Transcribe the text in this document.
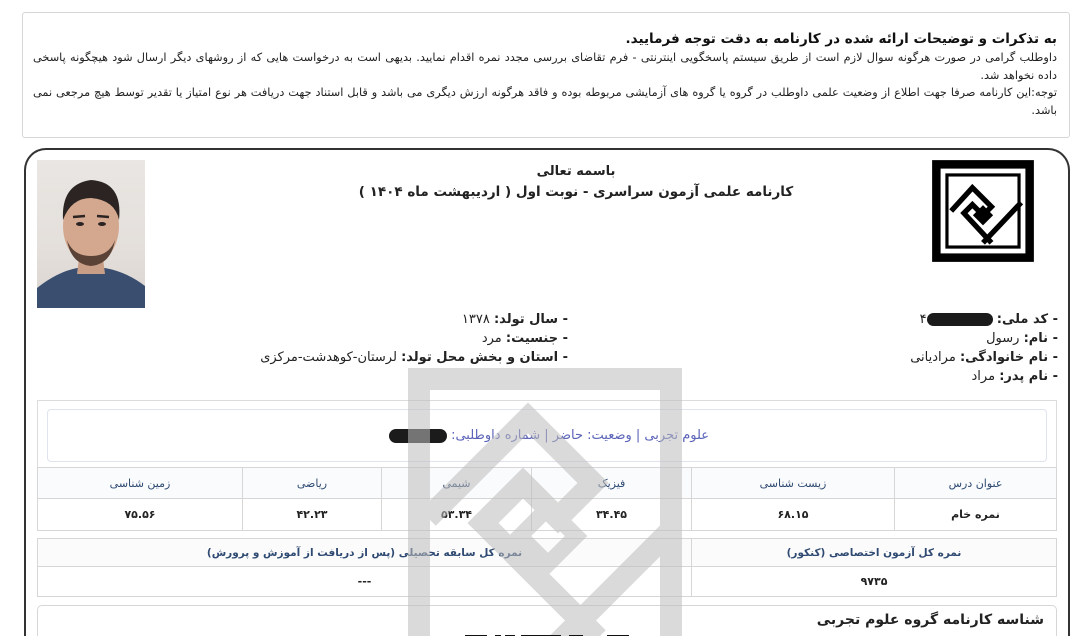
به تذکرات و توضیحات ارائه شده در کارنامه به دقت توجه فرمایید.
داوطلب گرامی در صورت هرگونه سوال لازم است از طریق سیستم پاسخگویی اینترنتی - فرم تقاضای بررسی مجدد نمره اقدام نمایید. بدیهی است به درخواست هایی که از روشهای دیگر ارسال شود هیچگونه پاسخی داده نخواهد شد.
توجه:این کارنامه صرفا جهت اطلاع از وضعیت علمی داوطلب در گروه یا گروه های آزمایشی مربوطه بوده و فاقد هرگونه ارزش دیگری می باشد و قابل استناد جهت دریافت هر نوع امتیاز یا تقدیر توسط هیچ مرجعی نمی باشد.
باسمه تعالی
کارنامه علمی آزمون سراسری - نوبت اول ( اردیبهشت ماه ۱۴۰۴ )
- کد ملی: ۴
- نام: رسول
- نام خانوادگی: مرادیانی
- نام پدر: مراد
- سال تولد: ۱۳۷۸
- جنسیت: مرد
- استان و بخش محل تولد: لرستان-کوهدشت-مرکزی
علوم تجربی | وضعیت: حاضر | شماره داوطلبی:
عنوان درس	زیست شناسی	فیزیک	شیمی	ریاضی	زمین شناسی
نمره خام	۶۸.۱۵	۳۴.۴۵	۵۳.۳۴	۴۲.۲۳	۷۵.۵۶
نمره کل آزمون اختصاصی (کنکور)	نمره کل سابقه تحصیلی (پس از دریافت از آموزش و پرورش)
۹۷۳۵	---
شناسه کارنامه گروه علوم تجربی
